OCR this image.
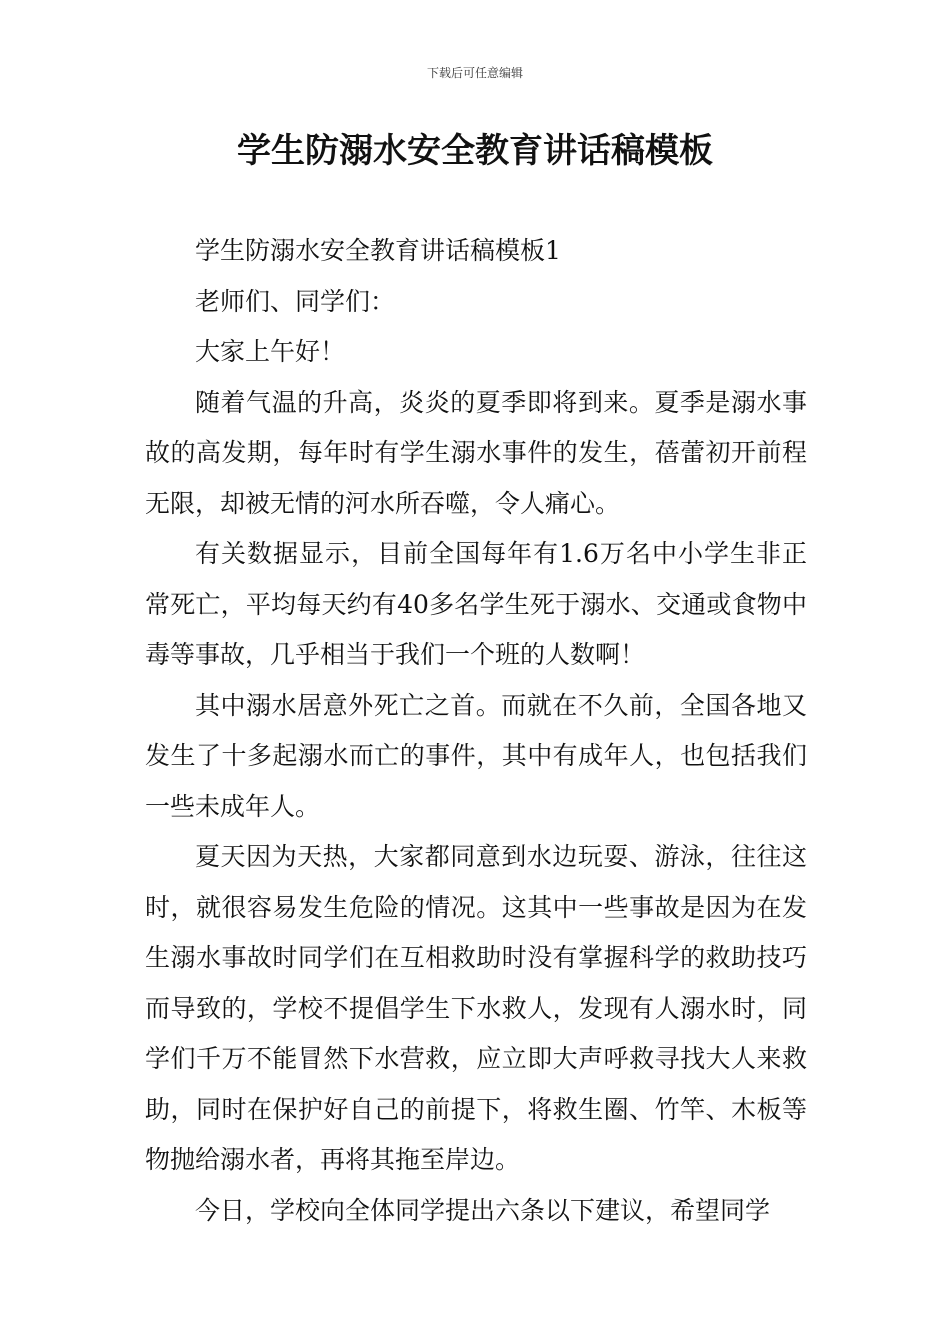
下载后可任意编辑
学生防溺水安全教育讲话稿模板

学生防溺水安全教育讲话稿模板1

老师们、同学们：

大家上午好！

随着气温的升高，炎炎的夏季即将到来。夏季是溺水事故的高发期，每年时有学生溺水事件的发生，蓓蕾初开前程无限，却被无情的河水所吞噬，令人痛心。

有关数据显示，目前全国每年有1.6万名中小学生非正常死亡，平均每天约有40多名学生死于溺水、交通或食物中毒等事故，几乎相当于我们一个班的人数啊！

其中溺水居意外死亡之首。而就在不久前，全国各地又发生了十多起溺水而亡的事件，其中有成年人，也包括我们一些未成年人。

夏天因为天热，大家都同意到水边玩耍、游泳，往往这时，就很容易发生危险的情况。这其中一些事故是因为在发生溺水事故时同学们在互相救助时没有掌握科学的救助技巧而导致的，学校不提倡学生下水救人，发现有人溺水时，同学们千万不能冒然下水营救，应立即大声呼救寻找大人来救助，同时在保护好自己的前提下，将救生圈、竹竿、木板等物抛给溺水者，再将其拖至岸边。

今日，学校向全体同学提出六条以下建议，希望同学
